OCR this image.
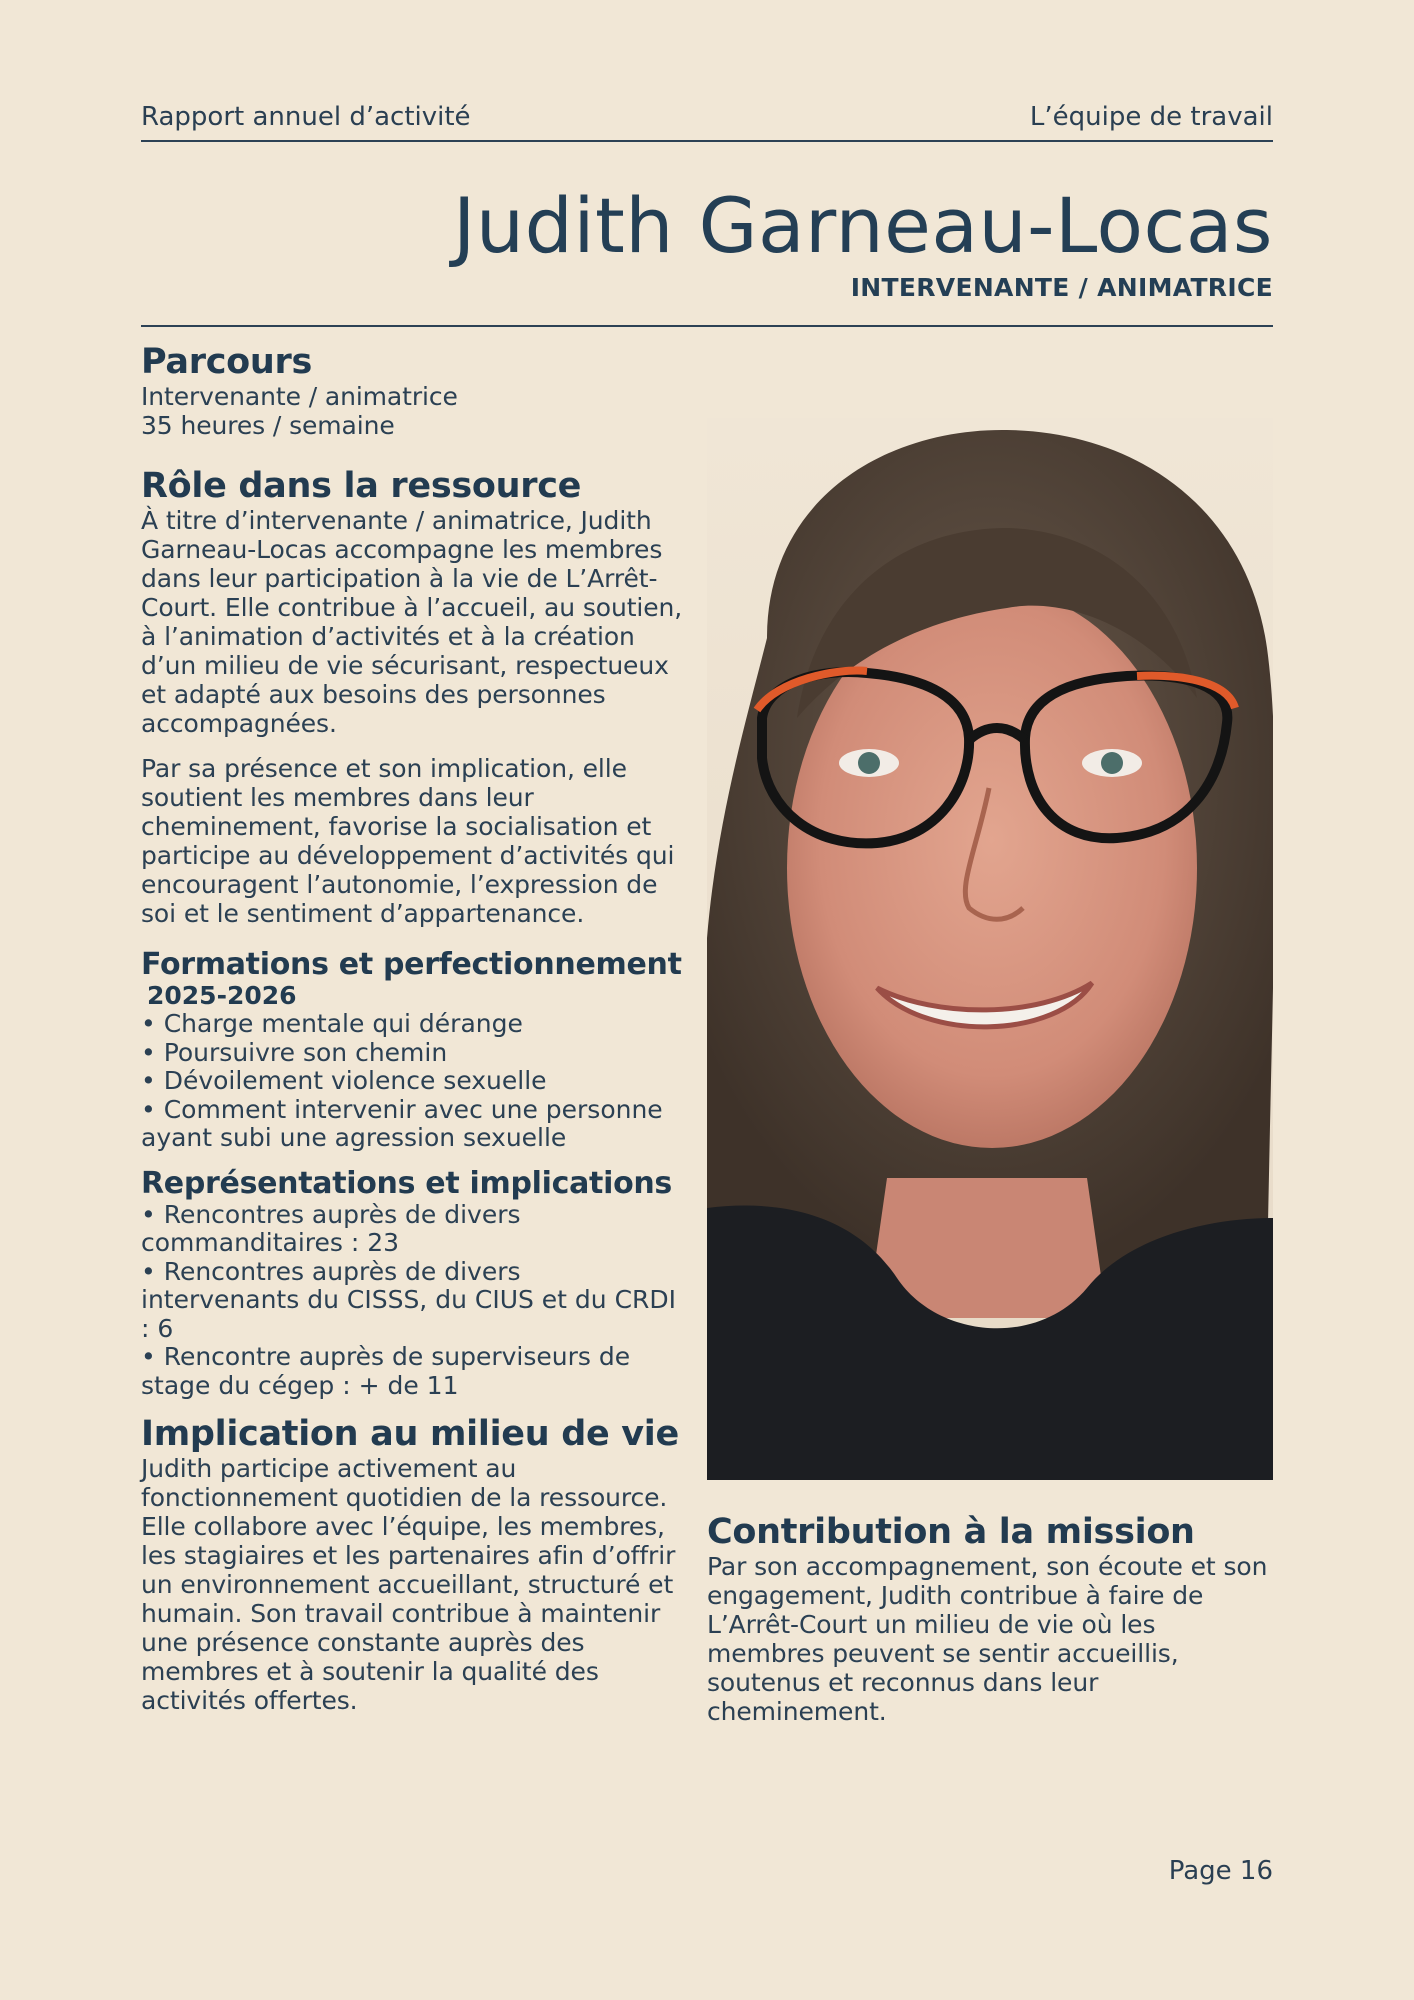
Rapport annuel d’activité	L’équipe de travail
Judith Garneau-Locas
INTERVENANTE / ANIMATRICE
Parcours

Intervenante / animatrice

35 heures / semaine

Rôle dans la ressource

À titre d’intervenante / animatrice, Judith Garneau-Locas accompagne les membres dans leur participation à la vie de L’Arrêt-Court. Elle contribue à l’accueil, au soutien, à l’animation d’activités et à la création d’un milieu de vie sécurisant, respectueux et adapté aux besoins des personnes accompagnées.

Par sa présence et son implication, elle soutient les membres dans leur cheminement, favorise la socialisation et participe au développement d’activités qui encouragent l’autonomie, l’expression de soi et le sentiment d’appartenance.

Formations et perfectionnement
2025-2026
• Charge mentale qui dérange
• Poursuivre son chemin
• Dévoilement violence sexuelle
• Comment intervenir avec une personne ayant subi une agression sexuelle
Représentations et implications
• Rencontres auprès de divers commanditaires : 23
• Rencontres auprès de divers intervenants du CISSS, du CIUS et du CRDI : 6
• Rencontre auprès de superviseurs de stage du cégep : + de 11
Implication au milieu de vie
Judith participe activement au fonctionnement quotidien de la ressource. Elle collabore avec l’équipe, les membres, les stagiaires et les partenaires afin d’offrir un environnement accueillant, structuré et humain. Son travail contribue à maintenir une présence constante auprès des membres et à soutenir la qualité des activités offertes.
Contribution à la mission
Par son accompagnement, son écoute et son engagement, Judith contribue à faire de L’Arrêt-Court un milieu de vie où les membres peuvent se sentir accueillis, soutenus et reconnus dans leur cheminement.
Page 16
